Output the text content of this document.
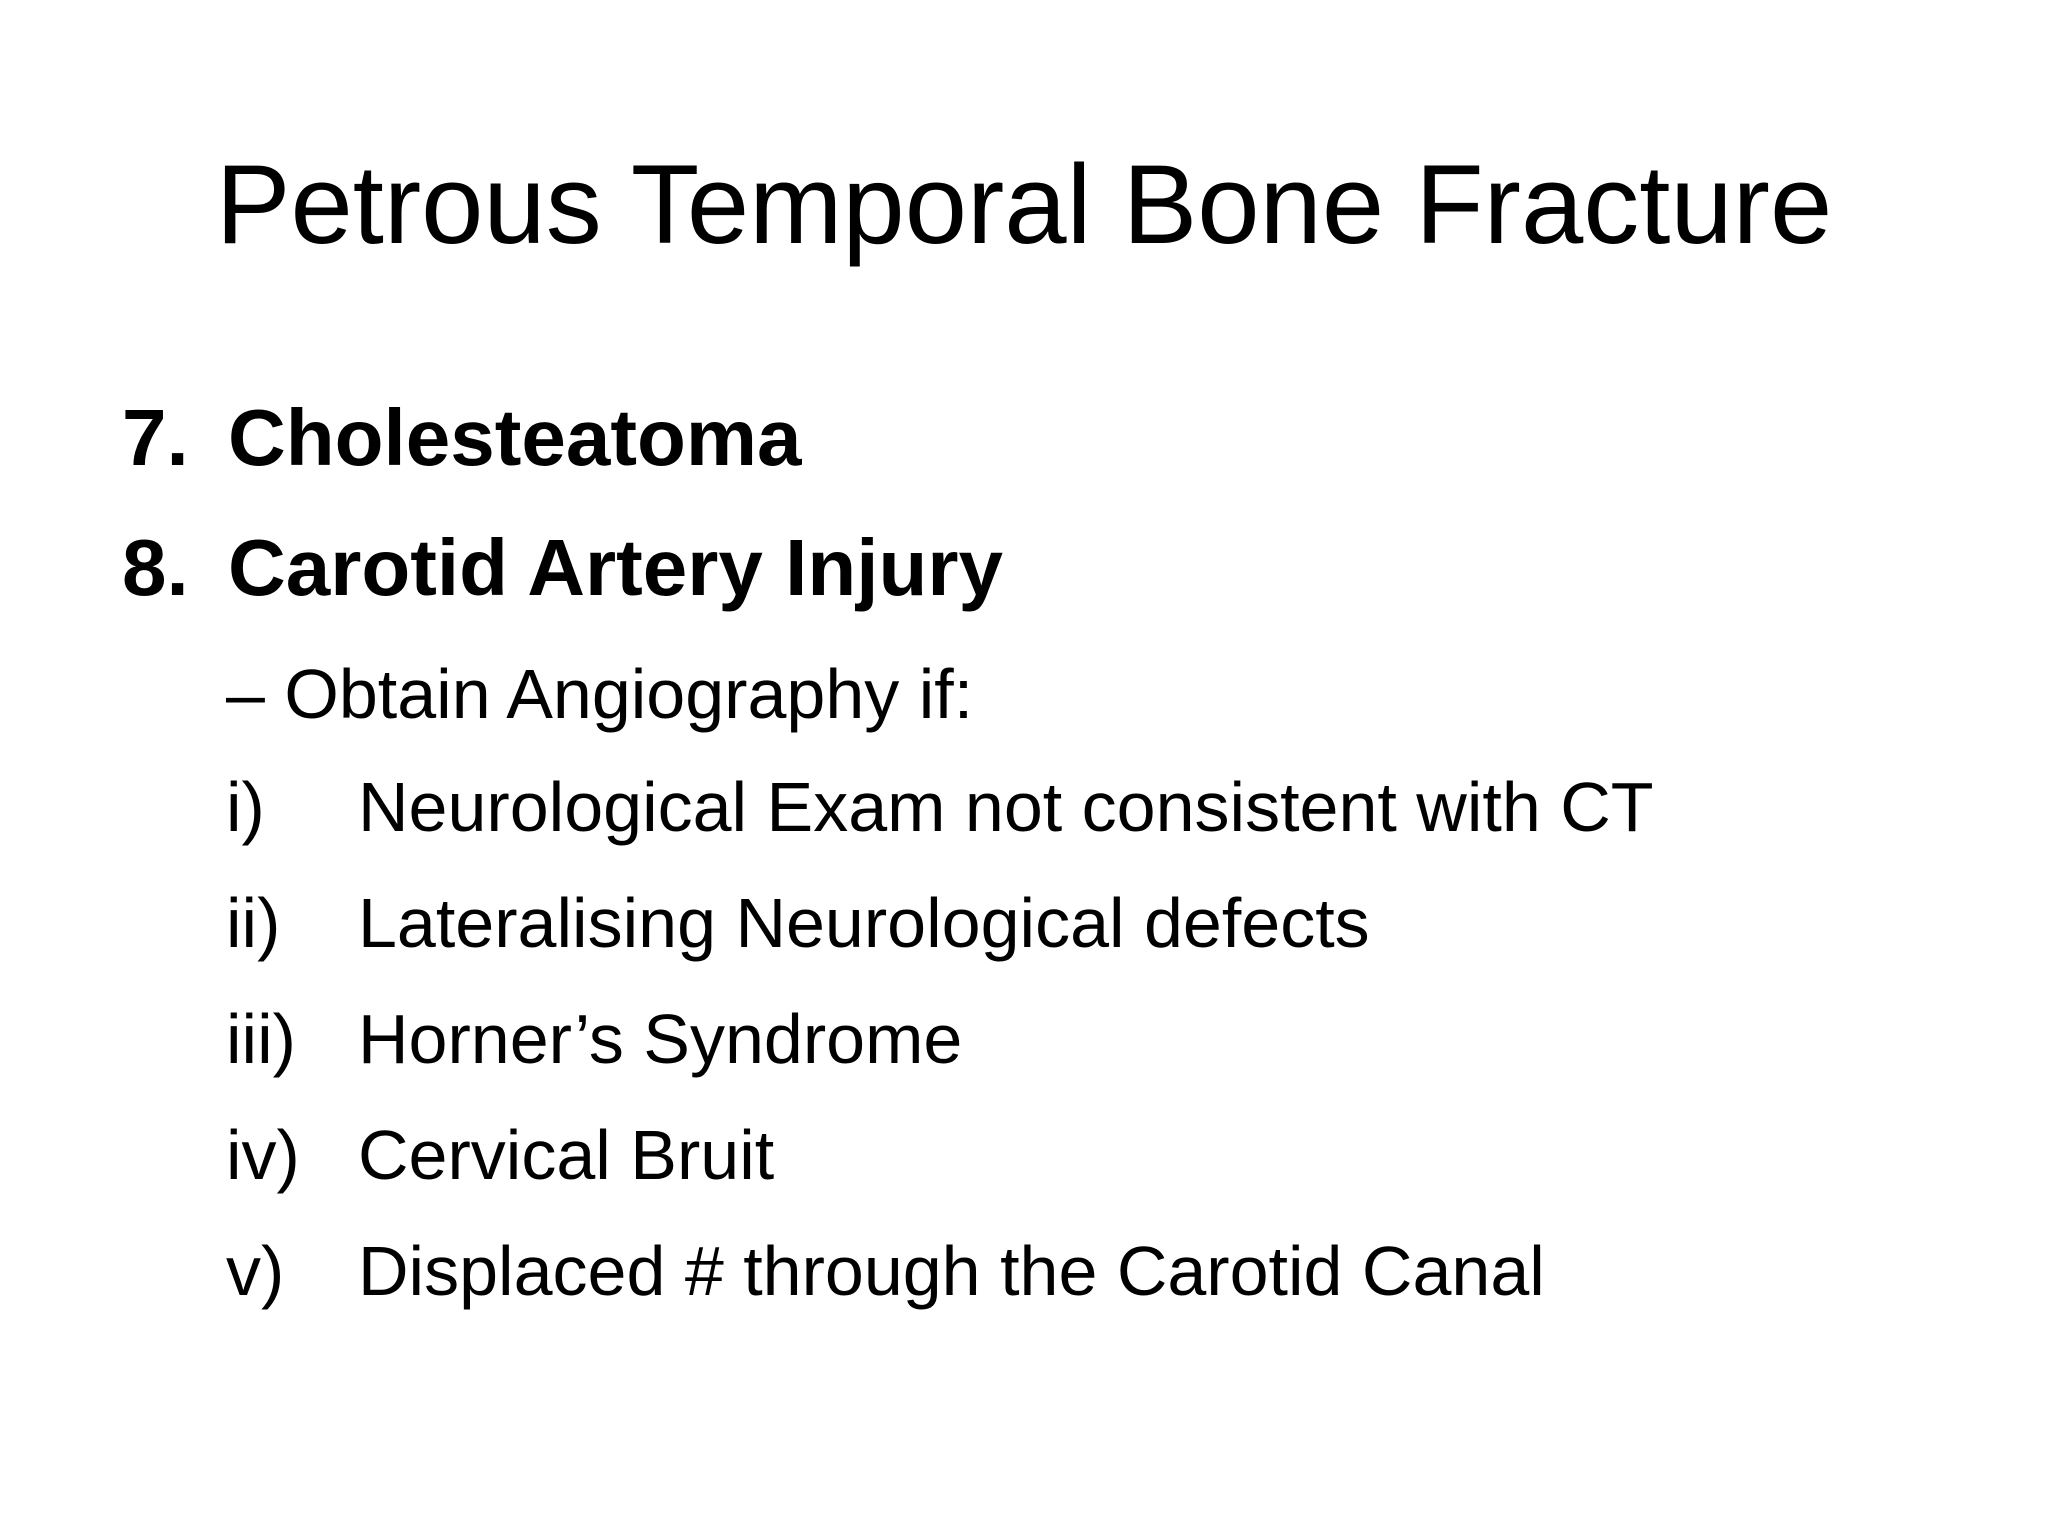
Petrous Temporal Bone Fracture
7. Cholesteatoma
8. Carotid Artery Injury
– Obtain Angiography if:
i) Neurological Exam not consistent with CT
ii) Lateralising Neurological defects
iii) Horner’s Syndrome
iv) Cervical Bruit
v) Displaced # through the Carotid Canal
